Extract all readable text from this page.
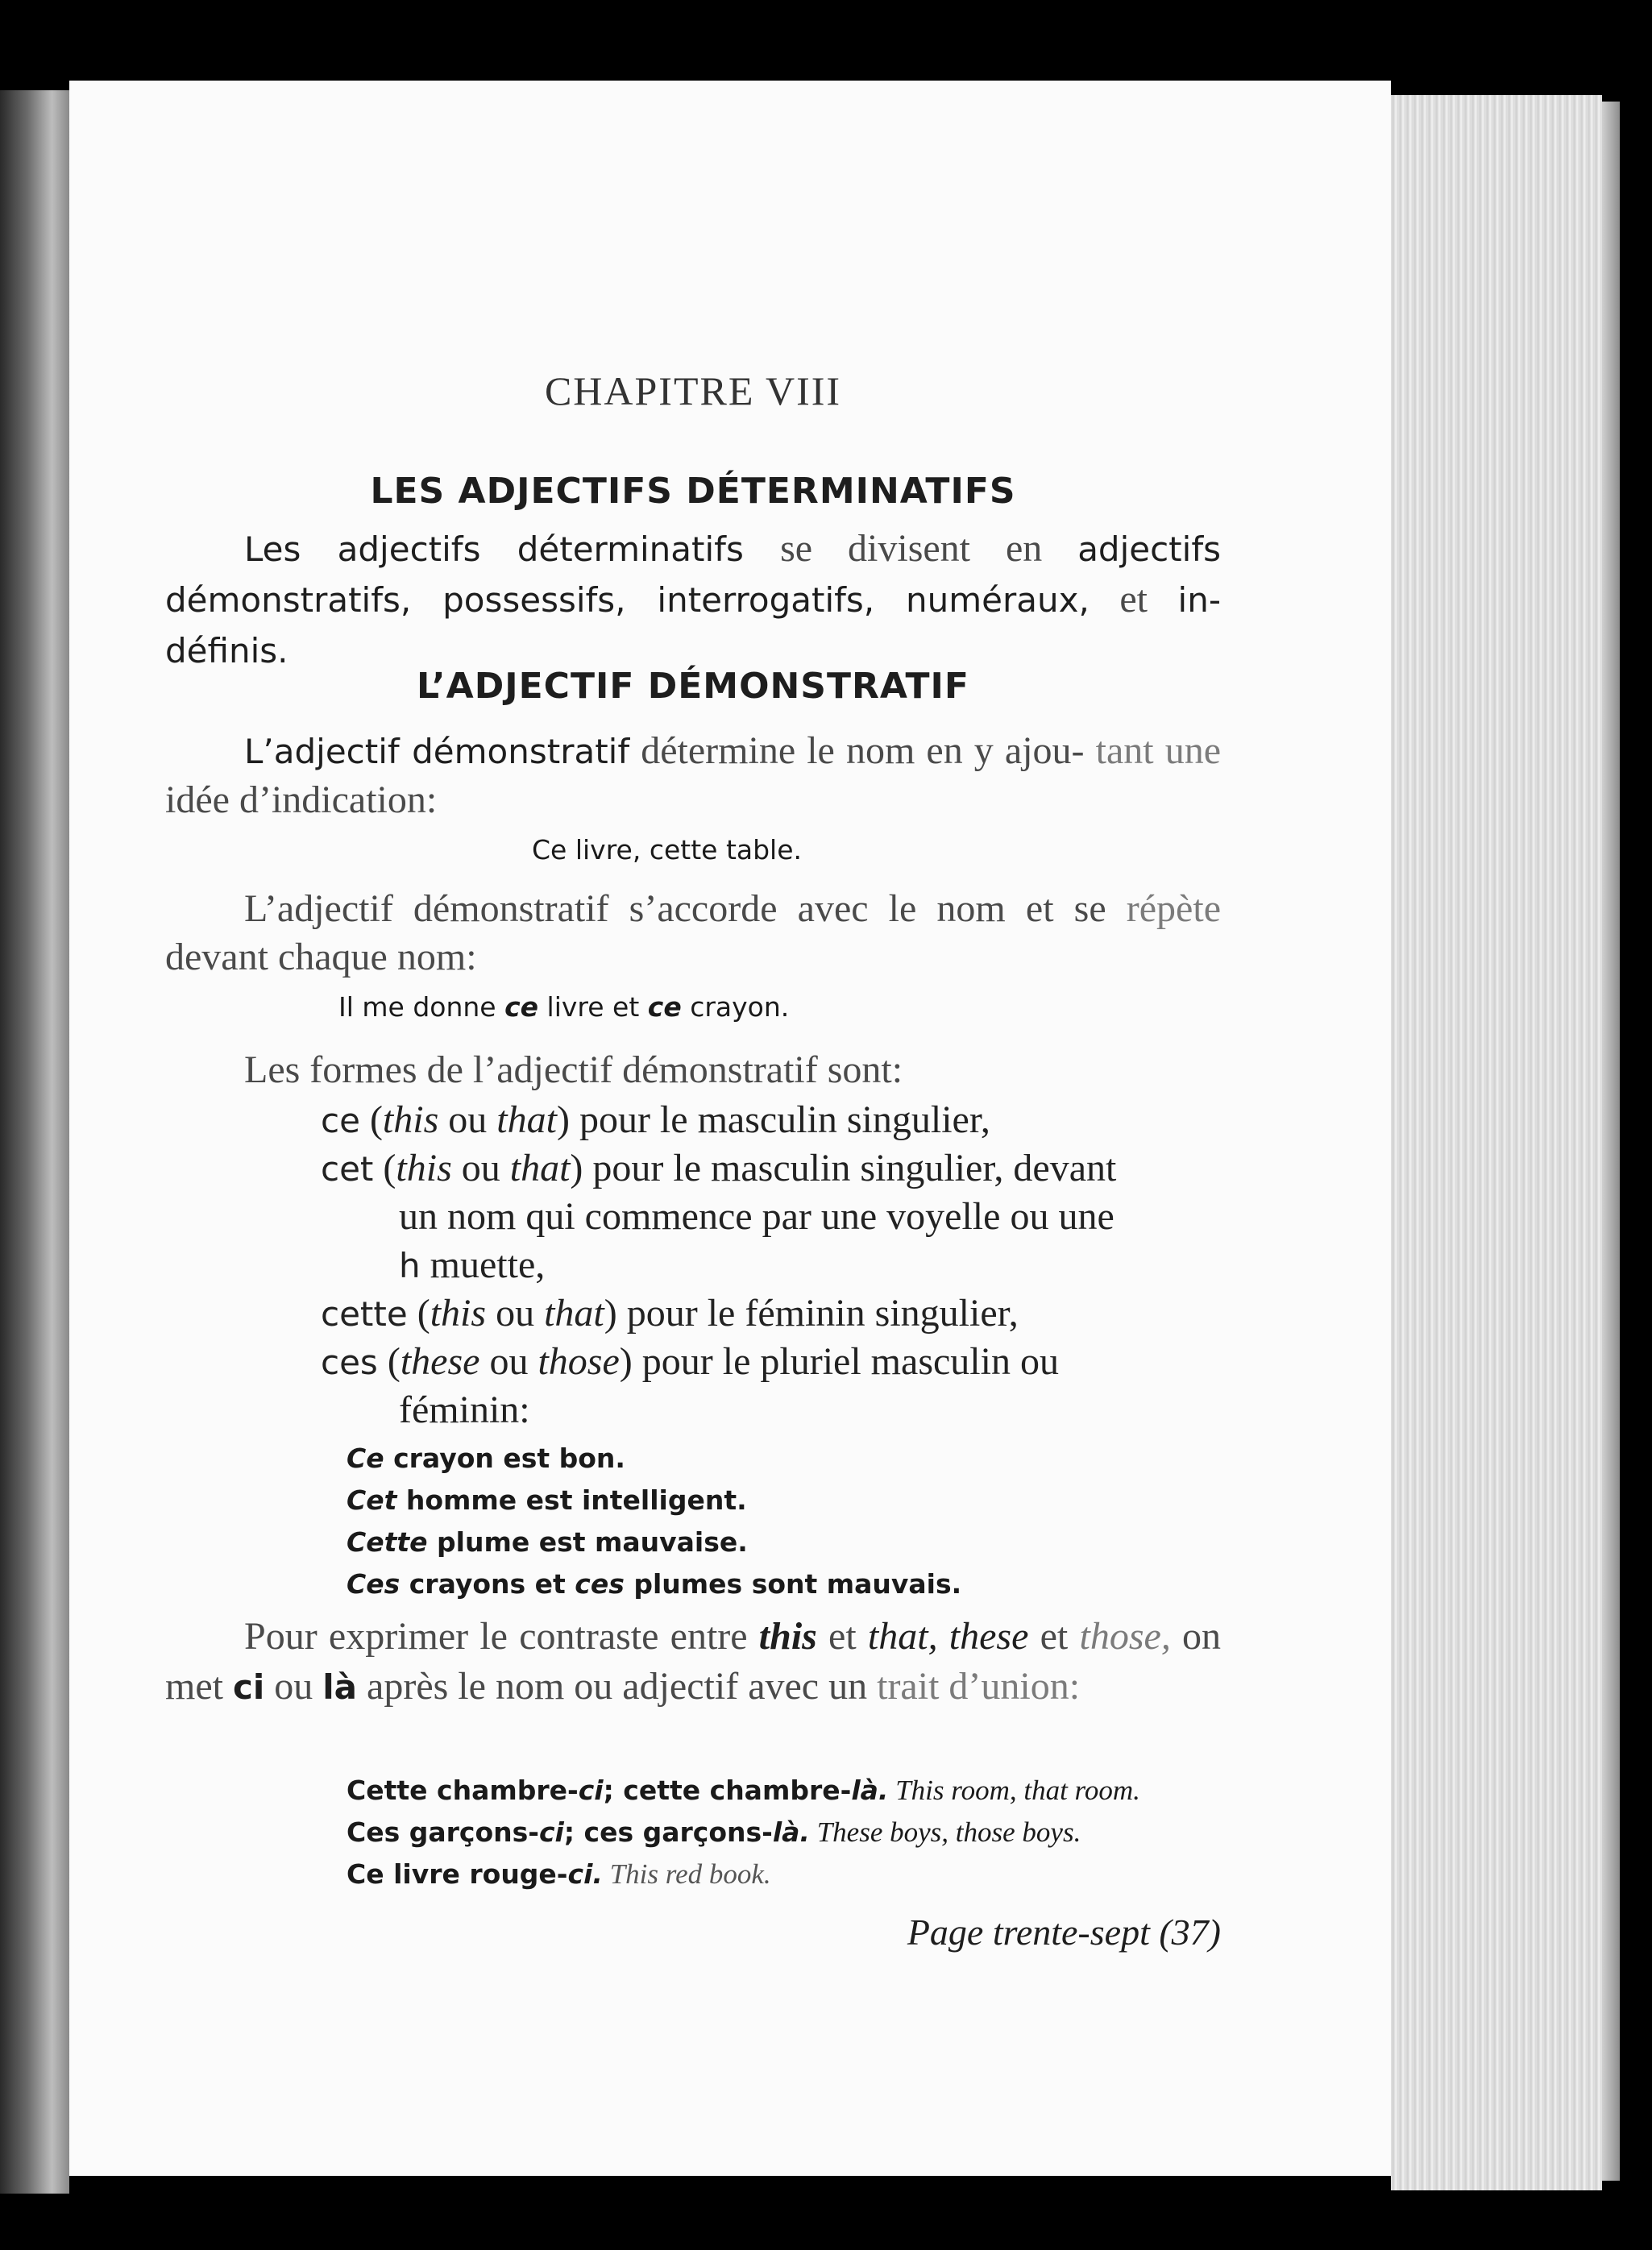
CHAPITRE VIII
LES ADJECTIFS DÉTERMINATIFS
Les adjectifs déterminatifs se divisent en adjectifs démonstratifs, possessifs, interrogatifs, numéraux, et in-définis.
L’ADJECTIF DÉMONSTRATIF
L’adjectif démonstratif détermine le nom en y ajou- tant une idée d’indication:
Ce livre, cette table.
L’adjectif démonstratif s’accorde avec le nom et se répète devant chaque nom:
Il me donne ce livre et ce crayon.
Les formes de l’adjectif démonstratif sont:
ce (this ou that) pour le masculin singulier,
cet (this ou that) pour le masculin singulier, devant
un nom qui commence par une voyelle ou une
h muette,
cette (this ou that) pour le féminin singulier,
ces (these ou those) pour le pluriel masculin ou
féminin:
Ce crayon est bon.
Cet homme est intelligent.
Cette plume est mauvaise.
Ces crayons et ces plumes sont mauvais.
Pour exprimer le contraste entre this et that, these et those, on met ci ou là après le nom ou adjectif avec un trait d’union:
Cette chambre-ci; cette chambre-là. This room, that room.
Ces garçons-ci; ces garçons-là. These boys, those boys.
Ce livre rouge-ci. This red book.
Page trente-sept (37)
